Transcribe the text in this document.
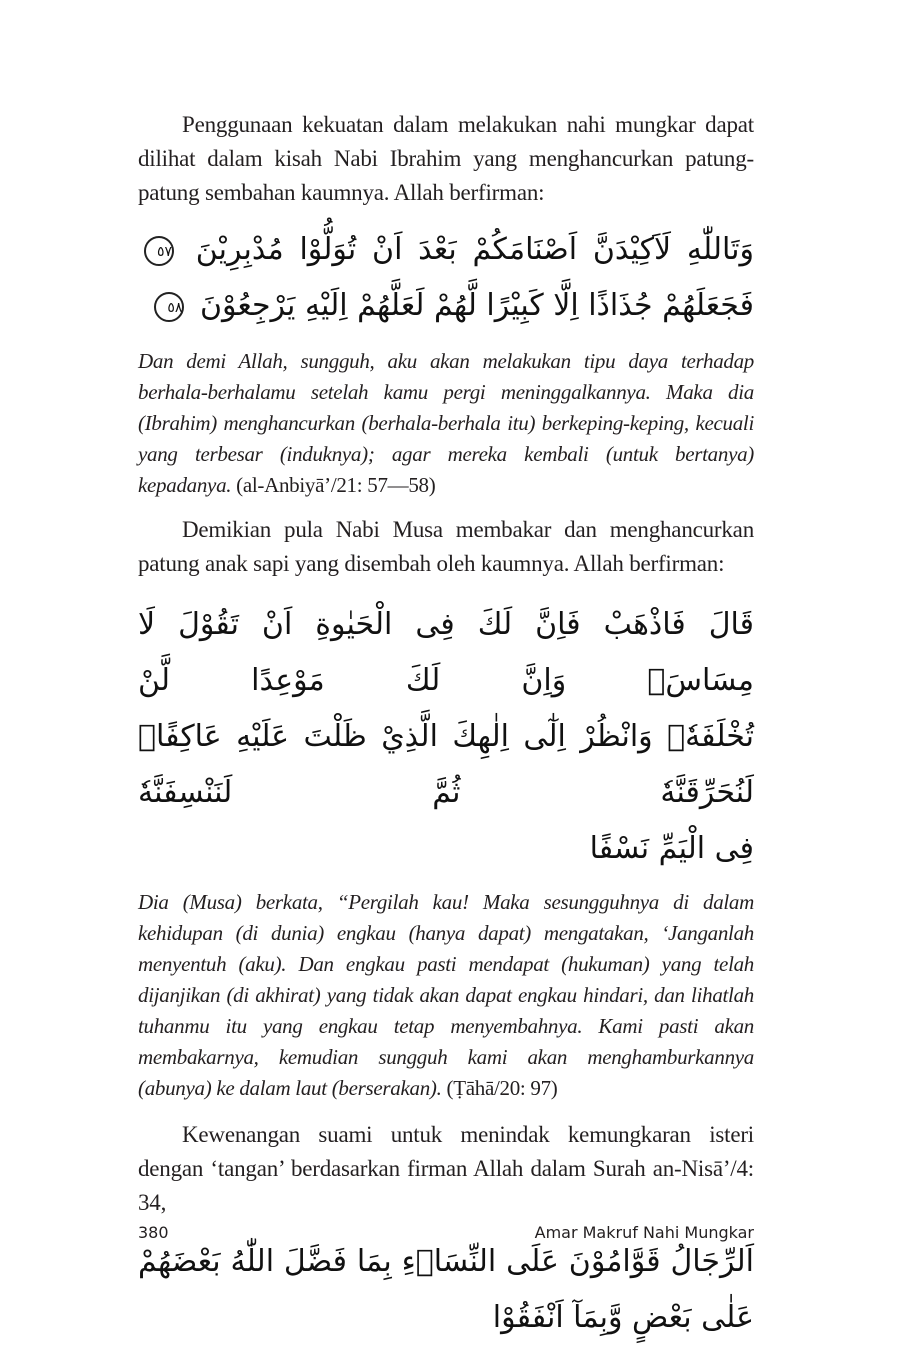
Penggunaan kekuatan dalam melakukan nahi mungkar dapat dilihat dalam kisah Nabi Ibrahim yang menghancurkan patung-patung sembahan kaumnya. Allah berfirman:

وَتَاللّٰهِ لَاَكِيْدَنَّ اَصْنَامَكُمْ بَعْدَ اَنْ تُوَلُّوْا مُدْبِرِيْنَ ٥٧
فَجَعَلَهُمْ جُذَاذًا اِلَّا كَبِيْرًا لَّهُمْ لَعَلَّهُمْ اِلَيْهِ يَرْجِعُوْنَ ٥٨

Dan demi Allah, sungguh, aku akan melakukan tipu daya terhadap berhala-berhalamu setelah kamu pergi meninggalkannya. Maka dia (Ibrahim) menghancurkan (berhala-berhala itu) berkeping-keping, kecuali yang terbesar (induknya); agar mereka kembali (untuk bertanya) kepadanya. (al-Anbiyā’/21: 57—58)

Demikian pula Nabi Musa membakar dan menghancurkan patung anak sapi yang disembah oleh kaumnya. Allah berfirman:

قَالَ فَاذْهَبْ فَاِنَّ لَكَ فِى الْحَيٰوةِ اَنْ تَقُوْلَ لَا مِسَاسَۖ وَاِنَّ لَكَ مَوْعِدًا لَّنْ
تُخْلَفَهٗۚ وَانْظُرْ اِلٰٓى اِلٰهِكَ الَّذِيْ ظَلْتَ عَلَيْهِ عَاكِفًاۗ لَنُحَرِّقَنَّهٗ ثُمَّ لَنَنْسِفَنَّهٗ
فِى الْيَمِّ نَسْفًا

Dia (Musa) berkata, “Pergilah kau! Maka sesungguhnya di dalam kehidupan (di dunia) engkau (hanya dapat) mengatakan, ‘Janganlah menyentuh (aku). Dan engkau pasti mendapat (hukuman) yang telah dijanjikan (di akhirat) yang tidak akan dapat engkau hindari, dan lihatlah tuhanmu itu yang engkau tetap menyembahnya. Kami pasti akan membakarnya, kemudian sungguh kami akan menghamburkannya (abunya) ke dalam laut (berserakan). (Ṭāhā/20: 97)

Kewenangan suami untuk menindak kemungkaran isteri dengan ‘tangan’ berdasarkan firman Allah dalam Surah an-Nisā’/4: 34,

اَلرِّجَالُ قَوَّامُوْنَ عَلَى النِّسَاۤءِ بِمَا فَضَّلَ اللّٰهُ بَعْضَهُمْ عَلٰى بَعْضٍ وَّبِمَآ اَنْفَقُوْا
380	Amar Makruf Nahi Mungkar
